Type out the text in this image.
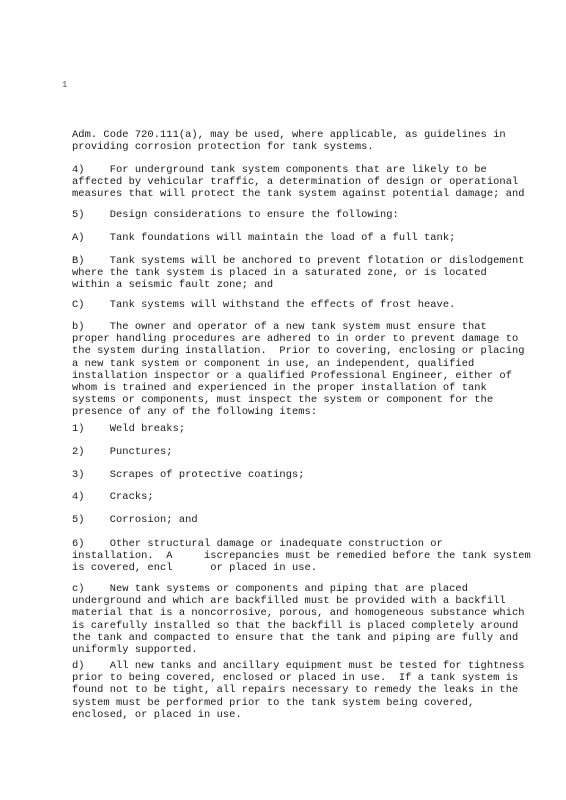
1
Adm. Code 720.111(a), may be used, where applicable, as guidelines in
providing corrosion protection for tank systems.
4)    For underground tank system components that are likely to be
affected by vehicular traffic, a determination of design or operational
measures that will protect the tank system against potential damage; and
5)    Design considerations to ensure the following:
A)    Tank foundations will maintain the load of a full tank;
B)    Tank systems will be anchored to prevent flotation or dislodgement
where the tank system is placed in a saturated zone, or is located
within a seismic fault zone; and
C)    Tank systems will withstand the effects of frost heave.
b)    The owner and operator of a new tank system must ensure that
proper handling procedures are adhered to in order to prevent damage to
the system during installation.  Prior to covering, enclosing or placing
a new tank system or component in use, an independent, qualified
installation inspector or a qualified Professional Engineer, either of
whom is trained and experienced in the proper installation of tank
systems or components, must inspect the system or component for the
presence of any of the following items:
1)    Weld breaks;
2)    Punctures;
3)    Scrapes of protective coatings;
4)    Cracks;
5)    Corrosion; and
6)    Other structural damage or inadequate construction or
installation.  A     iscrepancies must be remedied before the tank system
is covered, encl      or placed in use.
c)    New tank systems or components and piping that are placed
underground and which are backfilled must be provided with a backfill
material that is a noncorrosive, porous, and homogeneous substance which
is carefully installed so that the backfill is placed completely around
the tank and compacted to ensure that the tank and piping are fully and
uniformly supported.
d)    All new tanks and ancillary equipment must be tested for tightness
prior to being covered, enclosed or placed in use.  If a tank system is
found not to be tight, all repairs necessary to remedy the leaks in the
system must be performed prior to the tank system being covered,
enclosed, or placed in use.
